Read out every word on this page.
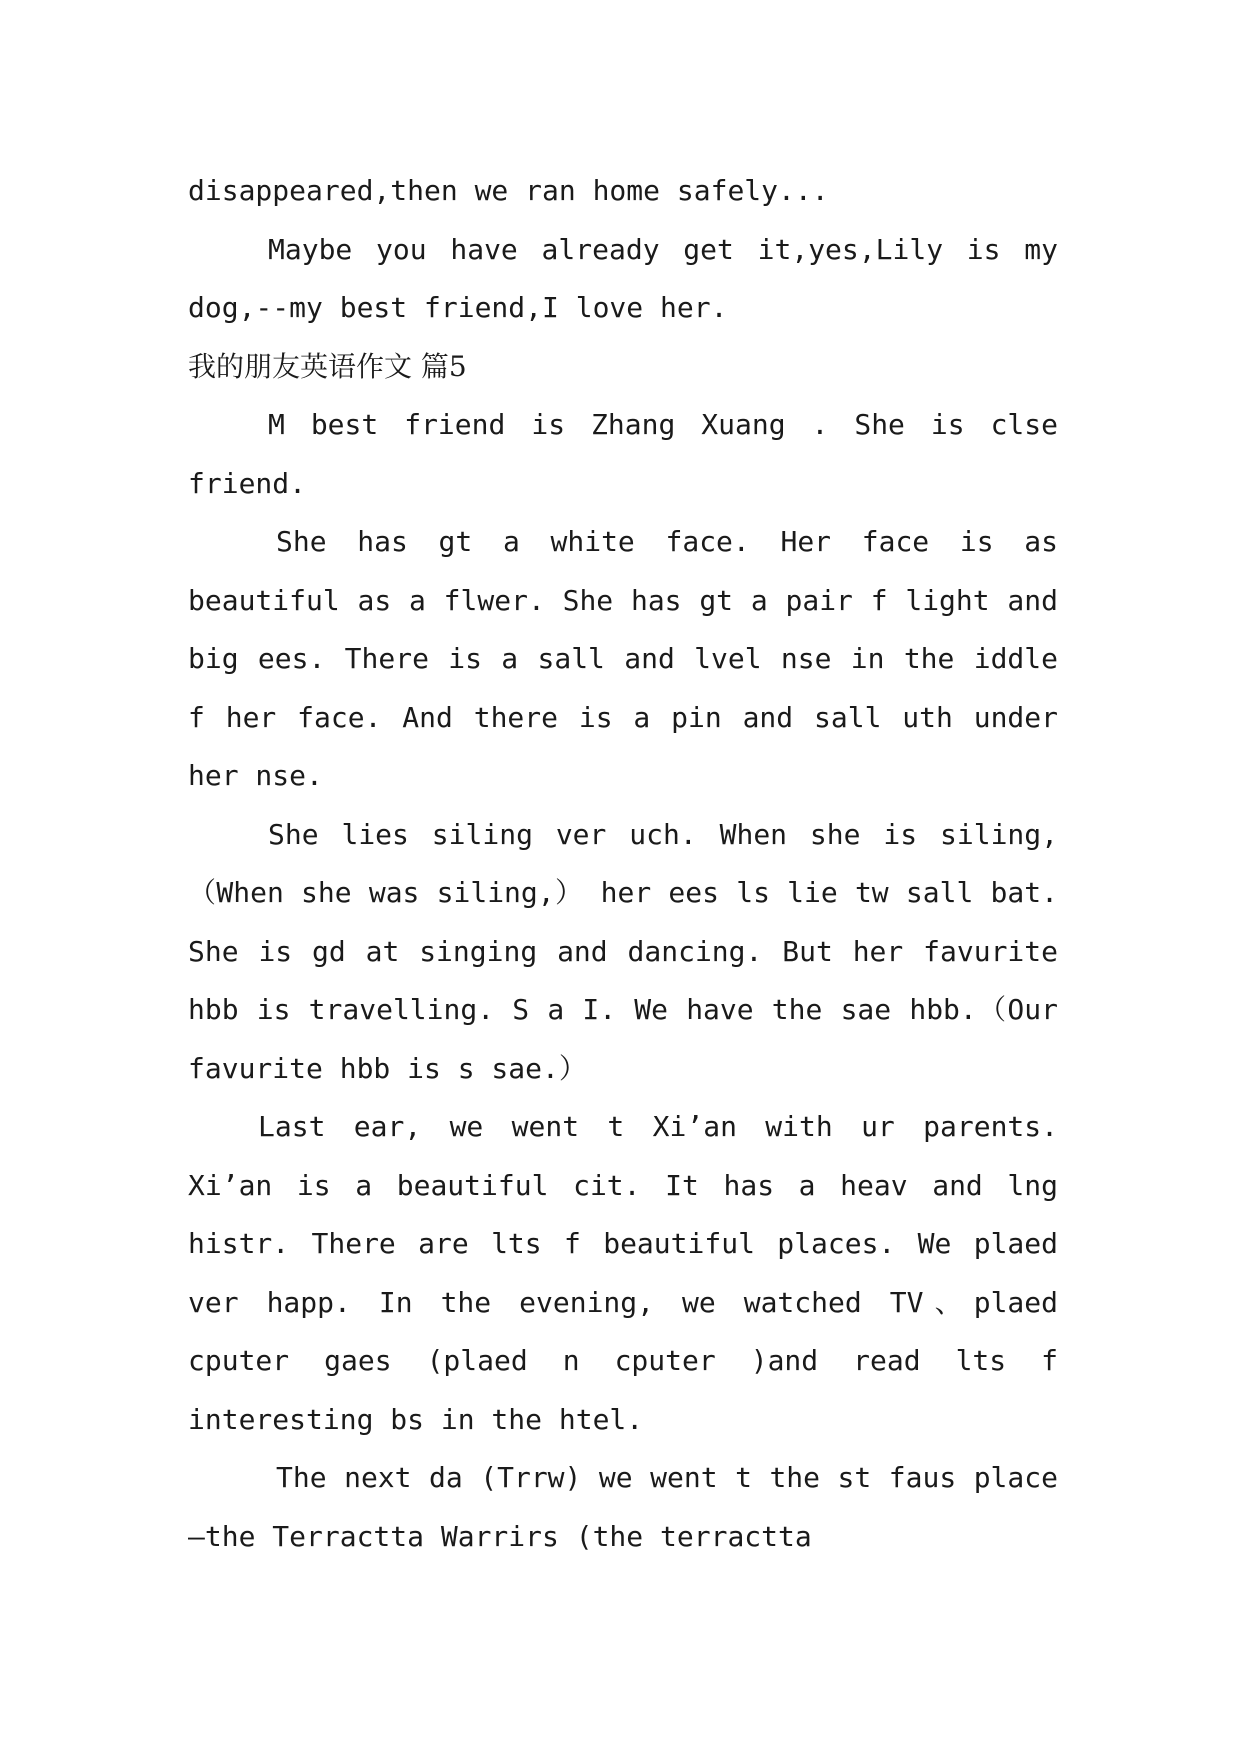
disappeared,then we ran home safely...

Maybe you have already get it,yes,Lily is my dog,--my best friend,I love her.

我的朋友英语作文 篇5

M best friend is Zhang Xuang . She is clse friend.

She has gt a white face. Her face is as beautiful as a flwer. She has gt a pair f light and big ees. There is a sall and lvel nse in the iddle f her face. And there is a pin and sall uth under her nse.

She lies siling ver uch. When she is siling, （When she was siling,） her ees ls lie tw sall bat. She is gd at singing and dancing. But her favurite hbb is travelling. S a I. We have the sae hbb.（Our favurite hbb is s sae.）

Last ear, we went t Xi’an with ur parents. Xi’an is a beautiful cit. It has a heav and lng histr. There are lts f beautiful places. We plaed ver happ. In the evening, we watched TV、plaed cputer gaes (plaed n cputer )and read lts f interesting bs in the htel.

The next da (Trrw) we went t the st faus place—the Terractta Warrirs (the terractta
